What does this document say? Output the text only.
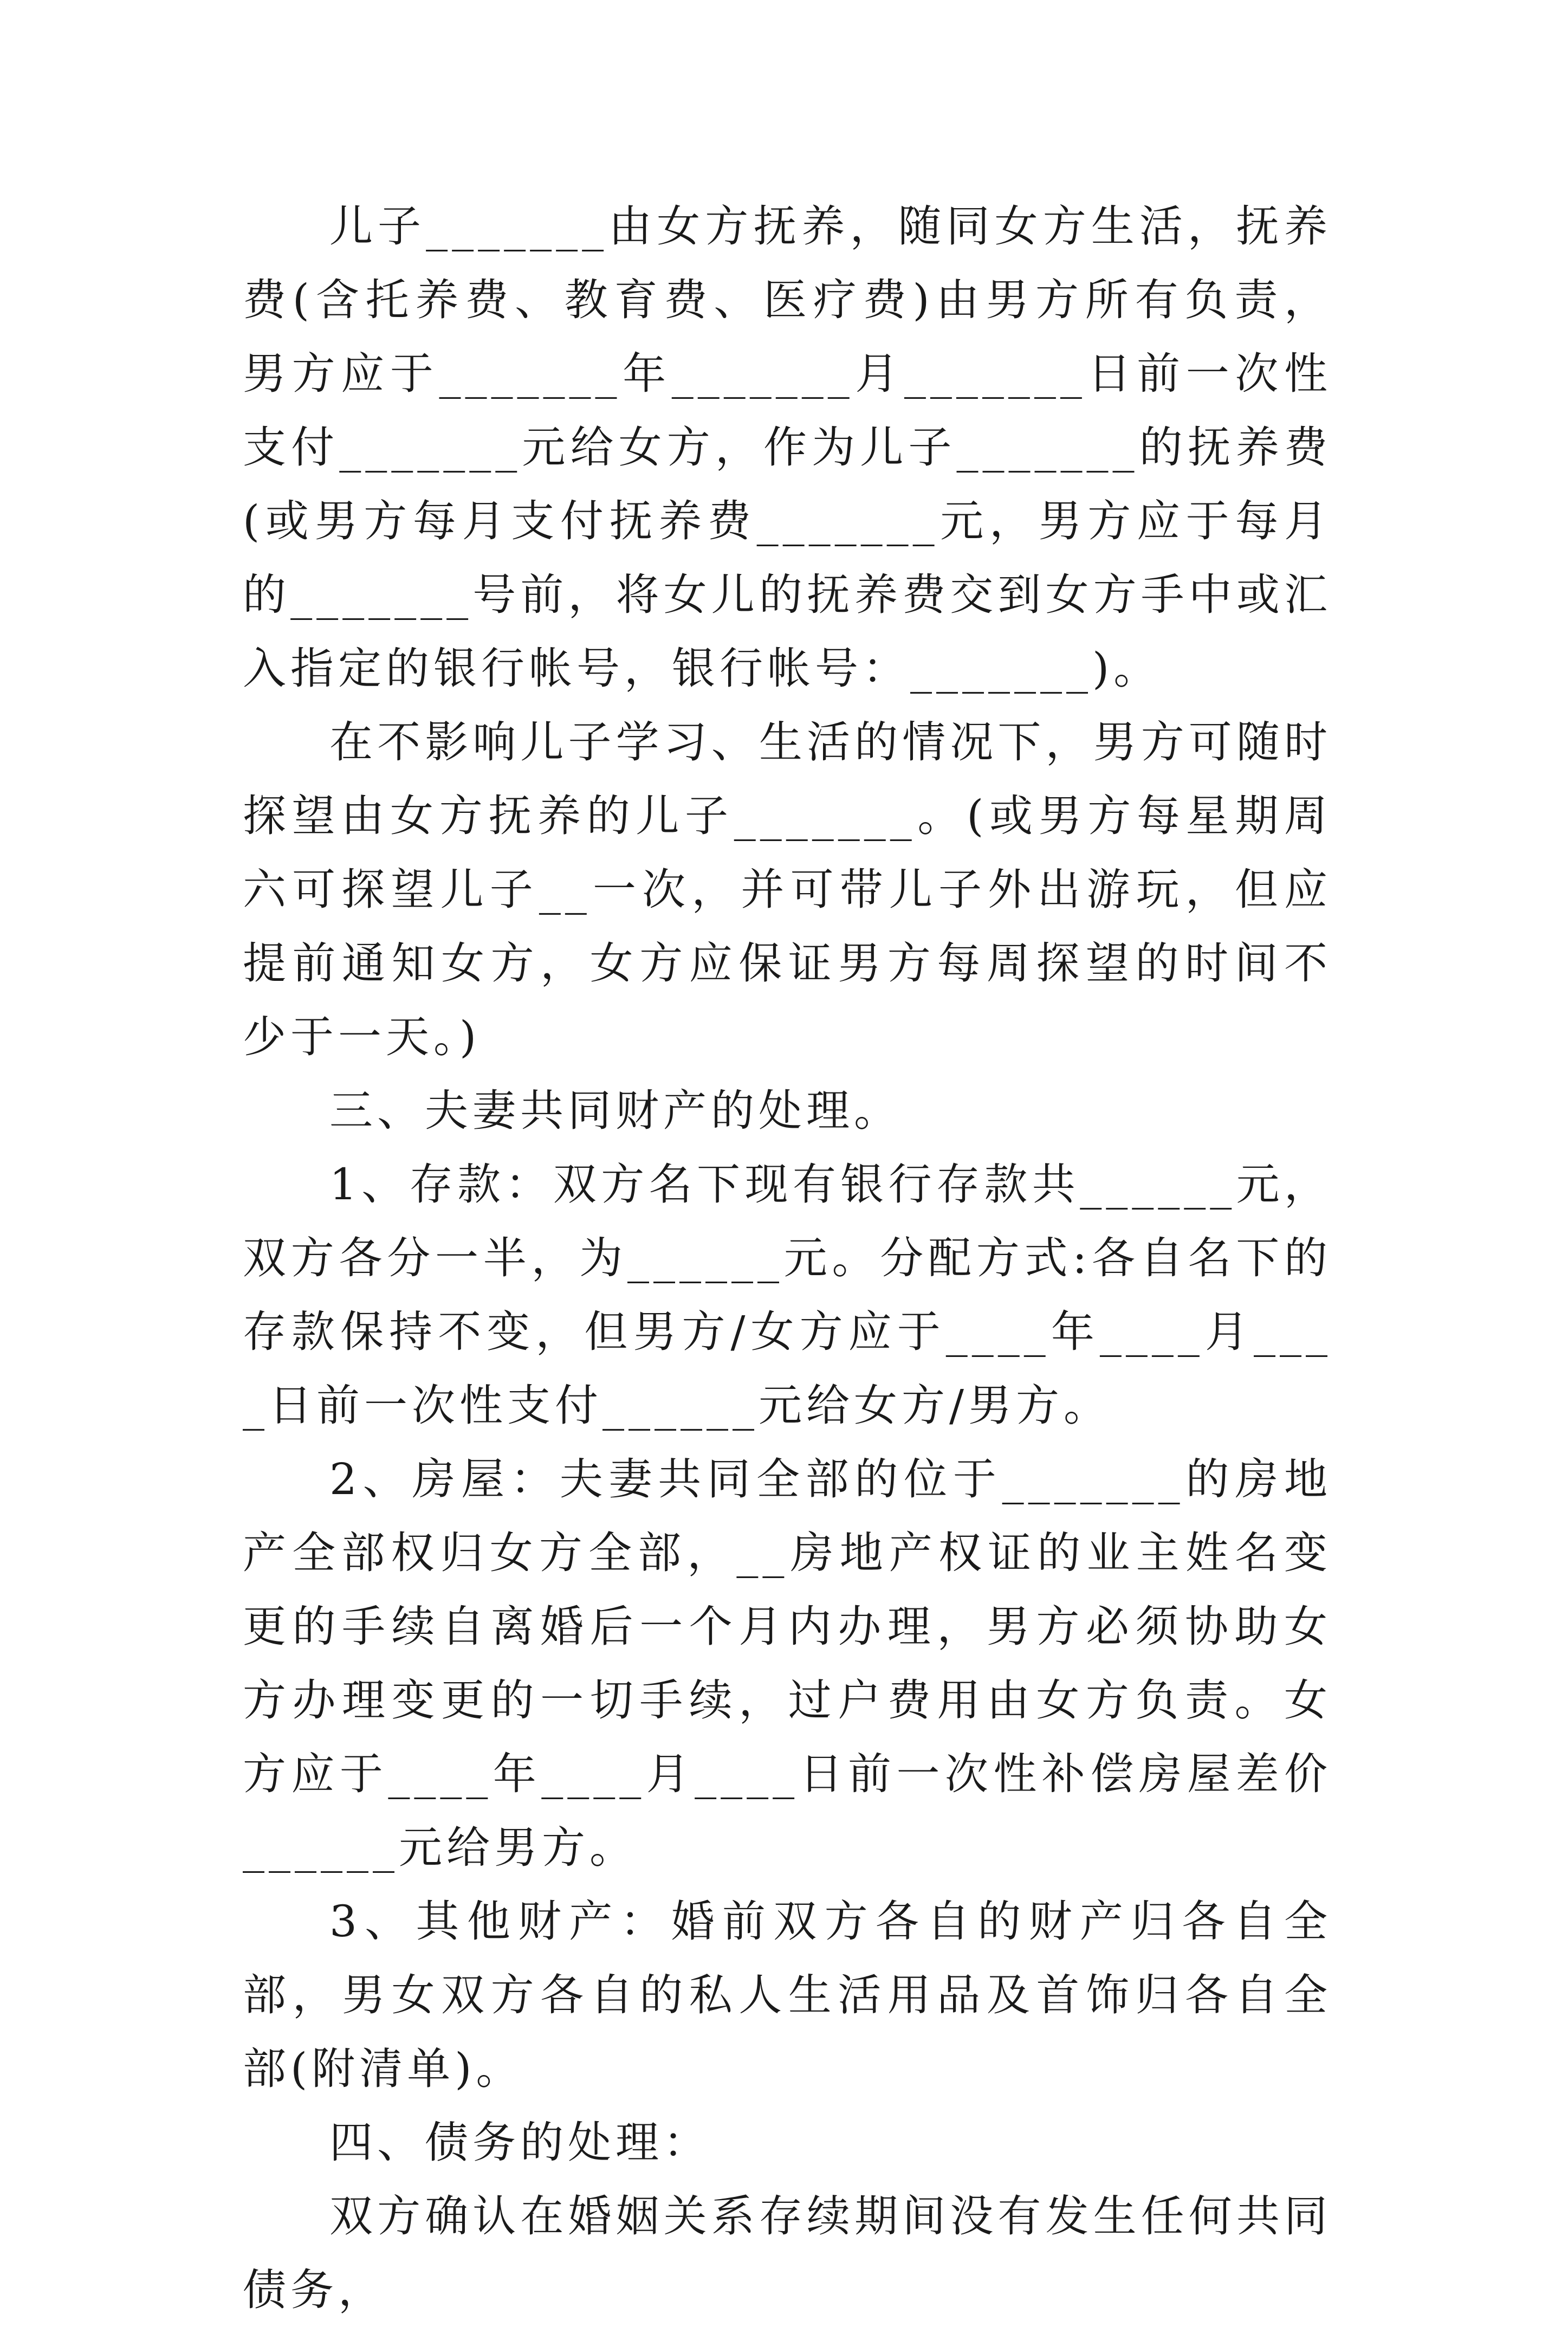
儿子_______由女方抚养，随同女方生活，抚养费(含托养费、教育费、医疗费)由男方所有负责，男方应于_______年_______月_______日前一次性支付_______元给女方，作为儿子_______的抚养费(或男方每月支付抚养费_______元，男方应于每月的_______号前，将女儿的抚养费交到女方手中或汇入指定的银行帐号，银行帐号：_______)。

在不影响儿子学习、生活的情况下，男方可随时探望由女方抚养的儿子_______。(或男方每星期周六可探望儿子__一次，并可带儿子外出游玩，但应提前通知女方，女方应保证男方每周探望的时间不少于一天。)

三、夫妻共同财产的处理。

1、存款：双方名下现有银行存款共______元，双方各分一半，为______元。分配方式:各自名下的存款保持不变，但男方/女方应于____年____月____日前一次性支付______元给女方/男方。

2、房屋：夫妻共同全部的位于_______的房地产全部权归女方全部，__房地产权证的业主姓名变更的手续自离婚后一个月内办理，男方必须协助女方办理变更的一切手续，过户费用由女方负责。女方应于____年____月____日前一次性补偿房屋差价______元给男方。

3、其他财产：婚前双方各自的财产归各自全部，男女双方各自的私人生活用品及首饰归各自全部(附清单)。

四、债务的处理：

双方确认在婚姻关系存续期间没有发生任何共同债务，
